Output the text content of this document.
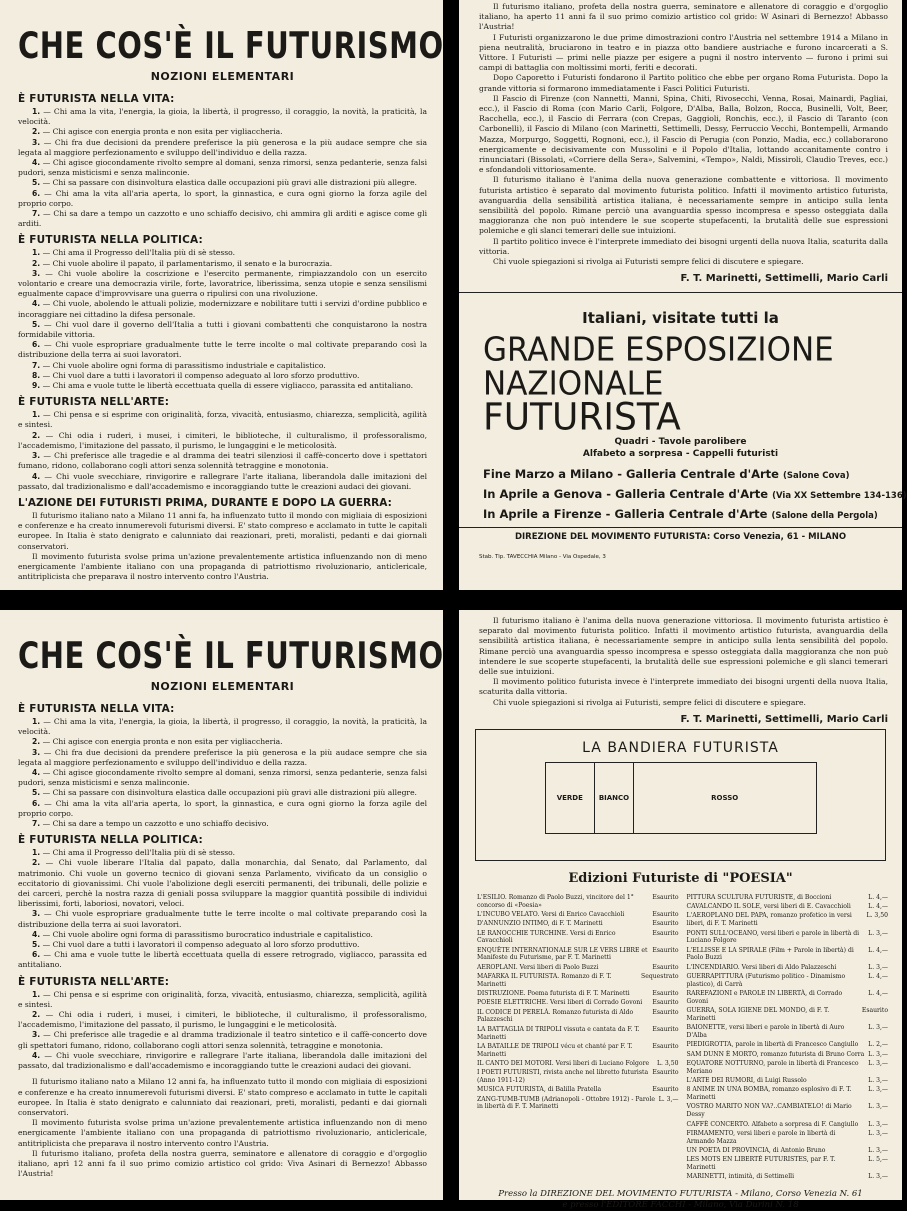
CHE COS'È IL FUTURISMO
NOZIONI ELEMENTARI
È FUTURISTA NELLA VITA:

1. — Chi ama la vita, l'energia, la gioia, la libertà, il progresso, il coraggio, la novità, la praticità, la velocità.

2. — Chi agisce con energia pronta e non esita per vigliaccheria.

3. — Chi fra due decisioni da prendere preferisce la più generosa e la più audace sempre che sia legata al maggiore perfezionamento e sviluppo dell'individuo e della razza.

4. — Chi agisce giocondamente rivolto sempre al domani, senza rimorsi, senza pedanterie, senza falsi pudori, senza misticismi e senza malinconie.

5. — Chi sa passare con disinvoltura elastica dalle occupazioni più gravi alle distrazioni più allegre.

6. — Chi ama la vita all'aria aperta, lo sport, la ginnastica, e cura ogni giorno la forza agile del proprio corpo.

7. — Chi sa dare a tempo un cazzotto e uno schiaffo decisivo, chi ammira gli arditi e agisce come gli arditi.

È FUTURISTA NELLA POLITICA:

1. — Chi ama il Progresso dell'Italia più di sè stesso.

2. — Chi vuole abolire il papato, il parlamentarismo, il senato e la burocrazia.

3. — Chi vuole abolire la coscrizione e l'esercito permanente, rimpiazzandolo con un esercito volontario e creare una democrazia virile, forte, lavoratrice, liberissima, senza utopie e senza sensilismi egualmente capace d'improvvisare una guerra o ripulirsi con una rivoluzione.

4. — Chi vuole, abolendo le attuali polizie, modernizzare e nobilitare tutti i servizi d'ordine pubblico e incoraggiare nei cittadino la difesa personale.

5. — Chi vuol dare il governo dell'Italia a tutti i giovani combattenti che conquistarono la nostra formidabile vittoria.

6. — Chi vuole espropriare gradualmente tutte le terre incolte o mal coltivate preparando così la distribuzione della terra ai suoi lavoratori.

7. — Chi vuole abolire ogni forma di parassitismo industriale e capitalistico.

8. — Chi vuol dare a tutti i lavoratori il compenso adeguato al loro sforzo produttivo.

9. — Chi ama e vuole tutte le libertà eccettuata quella di essere vigliacco, parassita ed antitaliano.

È FUTURISTA NELL'ARTE:

1. — Chi pensa e si esprime con originalità, forza, vivacità, entusiasmo, chiarezza, semplicità, agilità e sintesi.

2. — Chi odia i ruderi, i musei, i cimiteri, le biblioteche, il culturalismo, il professoralismo, l'accademismo, l'imitazione del passato, il purismo, le lungaggini e le meticolosità.

3. — Chi preferisce alle tragedie e al dramma dei teatri silenziosi il caffè-concerto dove i spettatori fumano, ridono, collaborano cogli attori senza solennità tetraggine e monotonia.

4. — Chi vuole svecchiare, rinvigorire e rallegrare l'arte italiana, liberandola dalle imitazioni del passato, dal tradizionalismo e dall'accademismo e incoraggiando tutte le creazioni audaci dei giovani.

L'AZIONE DEI FUTURISTI PRIMA, DURANTE E DOPO LA GUERRA:

Il futurismo italiano nato a Milano 11 anni fa, ha influenzato tutto il mondo con migliaia di esposizioni e conferenze e ha creato innumerevoli futurismi diversi. E' stato compreso e acclamato in tutte le capitali europee. In Italia è stato denigrato e calunniato dai reazionari, preti, moralisti, pedanti e dai giornali conservatori.

Il movimento futurista svolse prima un'azione prevalentemente artistica influenzando non di meno energicamente l'ambiente italiano con una propaganda di patriottismo rivoluzionario, anticlericale, antitriplicista che preparava il nostro intervento contro l'Austria.

Il futurismo italiano, profeta della nostra guerra, seminatore e allenatore di coraggio e d'orgoglio italiano, ha aperto 11 anni fa il suo primo comizio artistico col grido: W Asinari di Bernezzo! Abbasso l'Austria!

I Futuristi organizzarono le due prime dimostrazioni contro l'Austria nel settembre 1914 a Milano in piena neutralità, bruciarono in teatro e in piazza otto bandiere austriache e furono incarcerati a S. Vittore. I Futuristi — primi nelle piazze per esigere a pugni il nostro intervento — furono i primi sui campi di battaglia con moltissimi morti, feriti e decorati.

Dopo Caporetto i Futuristi fondarono il Partito politico che ebbe per organo Roma Futurista. Dopo la grande vittoria si formarono immediatamente i Fasci Politici Futuristi.

Il Fascio di Firenze (con Nannetti, Manni, Spina, Chiti, Rivosecchi, Venna, Rosai, Mainardi, Pagliai, ecc.), il Fascio di Roma (con Mario Carli, Folgore, D'Alba, Balla, Bolzon, Rocca, Businelli, Volt, Beer, Racchella, ecc.), il Fascio di Ferrara (con Crepas, Gaggioli, Ronchis, ecc.), il Fascio di Taranto (con Carbonelli), il Fascio di Milano (con Marinetti, Settimelli, Dessy, Ferruccio Vecchi, Bontempelli, Armando Mazza, Morpurgo, Soggetti, Rognoni, ecc.), il Fascio di Perugia (con Ponzio, Madia, ecc.) collaborarono energicamente e decisivamente con Mussolini e il Popolo d'Italia, lottando accanitamente contro i rinunciatari (Bissolati, «Corriere della Sera», Salvemini, «Tempo», Naldi, Missiroli, Claudio Treves, ecc.) e sfondandoli vittoriosamente.

Il futurismo italiano è l'anima della nuova generazione combattente e vittoriosa. Il movimento futurista artistico è separato dal movimento futurista politico. Infatti il movimento artistico futurista, avanguardia della sensibilità artistica italiana, è necessariamente sempre in anticipo sulla lenta sensibilità del popolo. Rimane perciò una avanguardia spesso incompresa e spesso osteggiata dalla maggioranza che non può intendere le sue scoperte stupefacenti, la brutalità delle sue espressioni polemiche e gli slanci temerari delle sue intuizioni.

Il partito politico invece è l'interprete immediato dei bisogni urgenti della nuova Italia, scaturita dalla vittoria.

Chi vuole spiegazioni si rivolga ai Futuristi sempre felici di discutere e spiegare.

F. T. Marinetti, Settimelli, Mario Carli
Italiani, visitate tutti la
GRANDE ESPOSIZIONE
NAZIONALE
FUTURISTA
Quadri - Tavole parolibere
Alfabeto a sorpresa - Cappelli futuristi
Fine Marzo a Milano - Galleria Centrale d'Arte (Salone Cova)
In Aprile a Genova - Galleria Centrale d'Arte (Via XX Settembre 134-136)
In Aprile a Firenze - Galleria Centrale d'Arte (Salone della Pergola)
DIREZIONE DEL MOVIMENTO FUTURISTA: Corso Venezia, 61 - MILANO
Stab. Tip. TAVECCHIA Milano - Via Ospedale, 3
CHE COS'È IL FUTURISMO
NOZIONI ELEMENTARI
È FUTURISTA NELLA VITA:

1. — Chi ama la vita, l'energia, la gioia, la libertà, il progresso, il coraggio, la novità, la praticità, la velocità.

2. — Chi agisce con energia pronta e non esita per vigliaccheria.

3. — Chi fra due decisioni da prendere preferisce la più generosa e la più audace sempre che sia legata al maggiore perfezionamento e sviluppo dell'individuo e della razza.

4. — Chi agisce giocondamente rivolto sempre al domani, senza rimorsi, senza pedanterie, senza falsi pudori, senza misticismi e senza malinconie.

5. — Chi sa passare con disinvoltura elastica dalle occupazioni più gravi alle distrazioni più allegre.

6. — Chi ama la vita all'aria aperta, lo sport, la ginnastica, e cura ogni giorno la forza agile del proprio corpo.

7. — Chi sa dare a tempo un cazzotto e uno schiaffo decisivo.

È FUTURISTA NELLA POLITICA:

1. — Chi ama il Progresso dell'Italia più di sè stesso.

2. — Chi vuole liberare l'Italia dal papato, dalla monarchia, dal Senato, dal Parlamento, dal matrimonio. Chi vuole un governo tecnico di giovani senza Parlamento, vivificato da un consiglio o eccitatorio di giovanissimi. Chi vuole l'abolizione degli eserciti permanenti, dei tribunali, delle polizie e dei carceri, perchè la nostra razza di geniali possa sviluppare la maggior quantità possibile di individui liberissimi, forti, laboriosi, novatori, veloci.

3. — Chi vuole espropriare gradualmente tutte le terre incolte o mal coltivate preparando così la distribuzione della terra ai suoi lavoratori.

4. — Chi vuole abolire ogni forma di parassitismo burocratico industriale e capitalistico.

5. — Chi vuol dare a tutti i lavoratori il compenso adeguato al loro sforzo produttivo.

6. — Chi ama e vuole tutte le libertà eccettuata quella di essere retrogrado, vigliacco, parassita ed antitaliano.

È FUTURISTA NELL'ARTE:

1. — Chi pensa e si esprime con originalità, forza, vivacità, entusiasmo, chiarezza, semplicità, agilità e sintesi.

2. — Chi odia i ruderi, i musei, i cimiteri, le biblioteche, il culturalismo, il professoralismo, l'accademismo, l'imitazione del passato, il purismo, le lungaggini e le meticolosità.

3. — Chi preferisce alle tragedie e al dramma tradizionale il teatro sintetico e il caffè-concerto dove gli spettatori fumano, ridono, collaborano cogli attori senza solennità, tetraggine e monotonia.

4. — Chi vuole svecchiare, rinvigorire e rallegrare l'arte italiana, liberandola dalle imitazioni del passato, dal tradizionalismo e dall'accademismo e incoraggiando tutte le creazioni audaci dei giovani.

Il futurismo italiano nato a Milano 12 anni fa, ha influenzato tutto il mondo con migliaia di esposizioni e conferenze e ha creato innumerevoli futurismi diversi. E' stato compreso e acclamato in tutte le capitali europee. In Italia è stato denigrato e calunniato dai reazionari, preti, moralisti, pedanti e dai giornali conservatori.

Il movimento futurista svolse prima un'azione prevalentemente artistica influenzando non di meno energicamente l'ambiente italiano con una propaganda di patriottismo rivoluzionario, anticlericale, antitriplicista che preparava il nostro intervento contro l'Austria.

Il futurismo italiano, profeta della nostra guerra, seminatore e allenatore di coraggio e d'orgoglio italiano, aprì 12 anni fa il suo primo comizio artistico col grido: Viva Asinari di Bernezzo! Abbasso l'Austria!

Il futurismo italiano è l'anima della nuova generazione vittoriosa. Il movimento futurista artistico è separato dal movimento futurista politico. Infatti il movimento artistico futurista, avanguardia della sensibilità artistica italiana, è necessariamente sempre in anticipo sulla lenta sensibilità del popolo. Rimane perciò una avanguardia spesso incompresa e spesso osteggiata dalla maggioranza che non può intendere le sue scoperte stupefacenti, la brutalità delle sue espressioni polemiche e gli slanci temerari delle sue intuizioni.

Il movimento politico futurista invece è l'interprete immediato dei bisogni urgenti della nuova Italia, scaturita dalla vittoria.

Chi vuole spiegazioni si rivolga ai Futuristi, sempre felici di discutere e spiegare.

F. T. Marinetti, Settimelli, Mario Carli
LA BANDIERA FUTURISTA
VERDE	BIANCO	ROSSO
Edizioni Futuriste di "POESIA"
L'ESILIO. Romanzo di Paolo Buzzi, vincitore del 1° concorso di «Poesia»
Esaurito
L'INCUBO VELATO. Versi di Enrico Cavacchioli	Esaurito
D'ANNUNZIO INTIMO, di F. T. Marinetti	Esaurito
LE RANOCCHIE TURCHINE. Versi di Enrico Cavacchioli
Esaurito
ENQUÊTE INTERNATIONALE SUR LE VERS LIBRE et Manifeste du Futurisme, par F. T. Marinetti
Esaurito
AEROPLANI. Versi liberi di Paolo Buzzi	Esaurito
MAFARKA IL FUTURISTA. Romanzo di F. T. Marinetti
Sequestrato
DISTRUZIONE. Poema futurista di F. T. Marinetti	Esaurito
POESIE ELETTRICHE. Versi liberi di Corrado Govoni	Esaurito
IL CODICE DI PERELÀ. Romanzo futurista di Aldo Palazzeschi
Esaurito
LA BATTAGLIA DI TRIPOLI vissuta e cantata da F. T. Marinetti
Esaurito
LA BATAILLE DE TRIPOLI vécu et chanté par F. T. Marinetti
Esaurito
IL CANTO DEI MOTORI. Versi liberi di Luciano Folgore	L. 3,50
I POETI FUTURISTI, rivista anche nel libretto futurista (Anno 1911-12)
Esaurito
MUSICA FUTURISTA, di Balilla Pratella	Esaurito
ZANG-TUMB-TUMB (Adrianopoli - Ottobre 1912) - Parole in libertà di F. T. Marinetti
L. 3,—
PITTURA SCULTURA FUTURISTE, di Boccioni	L. 4,—
CAVALCANDO IL SOLE, versi liberi di E. Cavacchioli	L. 4,—
L'AEROPLANO DEL PAPA, romanzo profetico in versi liberi, di F. T. Marinetti
L. 3,50
PONTI SULL'OCEANO, versi liberi e parole in libertà di Luciano Folgore
L. 3,—
L'ELLISSE E LA SPIRALE (Film + Parole in libertà) di Paolo Buzzi
L. 4,—
L'INCENDIARIO. Versi liberi di Aldo Palazzeschi	L. 3,—
GUERRAPITTURA (Futurismo politico - Dinamismo plastico), di Carrà
L. 4,—
RAREFAZIONI e PAROLE IN LIBERTÀ, di Corrado Govoni
L. 4,—
GUERRA, SOLA IGIENE DEL MONDO, di F. T. Marinetti
Esaurito
BAIONETTE, versi liberi e parole in libertà di Auro D'Alba
L. 3,—
PIEDIGROTTA, parole in libertà di Francesco Cangiullo	L. 2,—
SAM DUNN È MORTO, romanzo futurista di Bruno Corra L. 3,—
EQUATORE NOTTURNO, parole in libertà di Francesco Meriano
L. 3,—
L'ARTE DEI RUMORI, di Luigi Russolo	L. 3,—
8 ANIME IN UNA BOMBA, romanzo esplosivo di F. T. Marinetti
L. 3,—
VOSTRO MARITO NON VA?..CAMBIATELO! di Mario Dessy
L. 3,—
CAFFÈ CONCERTO. Alfabeto a sorpresa di F. Cangiullo	L. 3,—
FIRMAMENTO, versi liberi e parole in libertà di Armando Mazza
L. 3,—
UN POETA DI PROVINCIA, di Antonio Bruno	L. 3,—
LES MOTS EN LIBERTÉ FUTURISTES, par F. T. Marinetti
L. 5,—
MARINETTI, intimità, di Settimelli	L. 3,—
Presso la DIREZIONE DEL MOVIMENTO FUTURISTA - Milano, Corso Venezia N. 61
e presso l'EDITORE FACCHI - Milano, Via Durini N. 18
